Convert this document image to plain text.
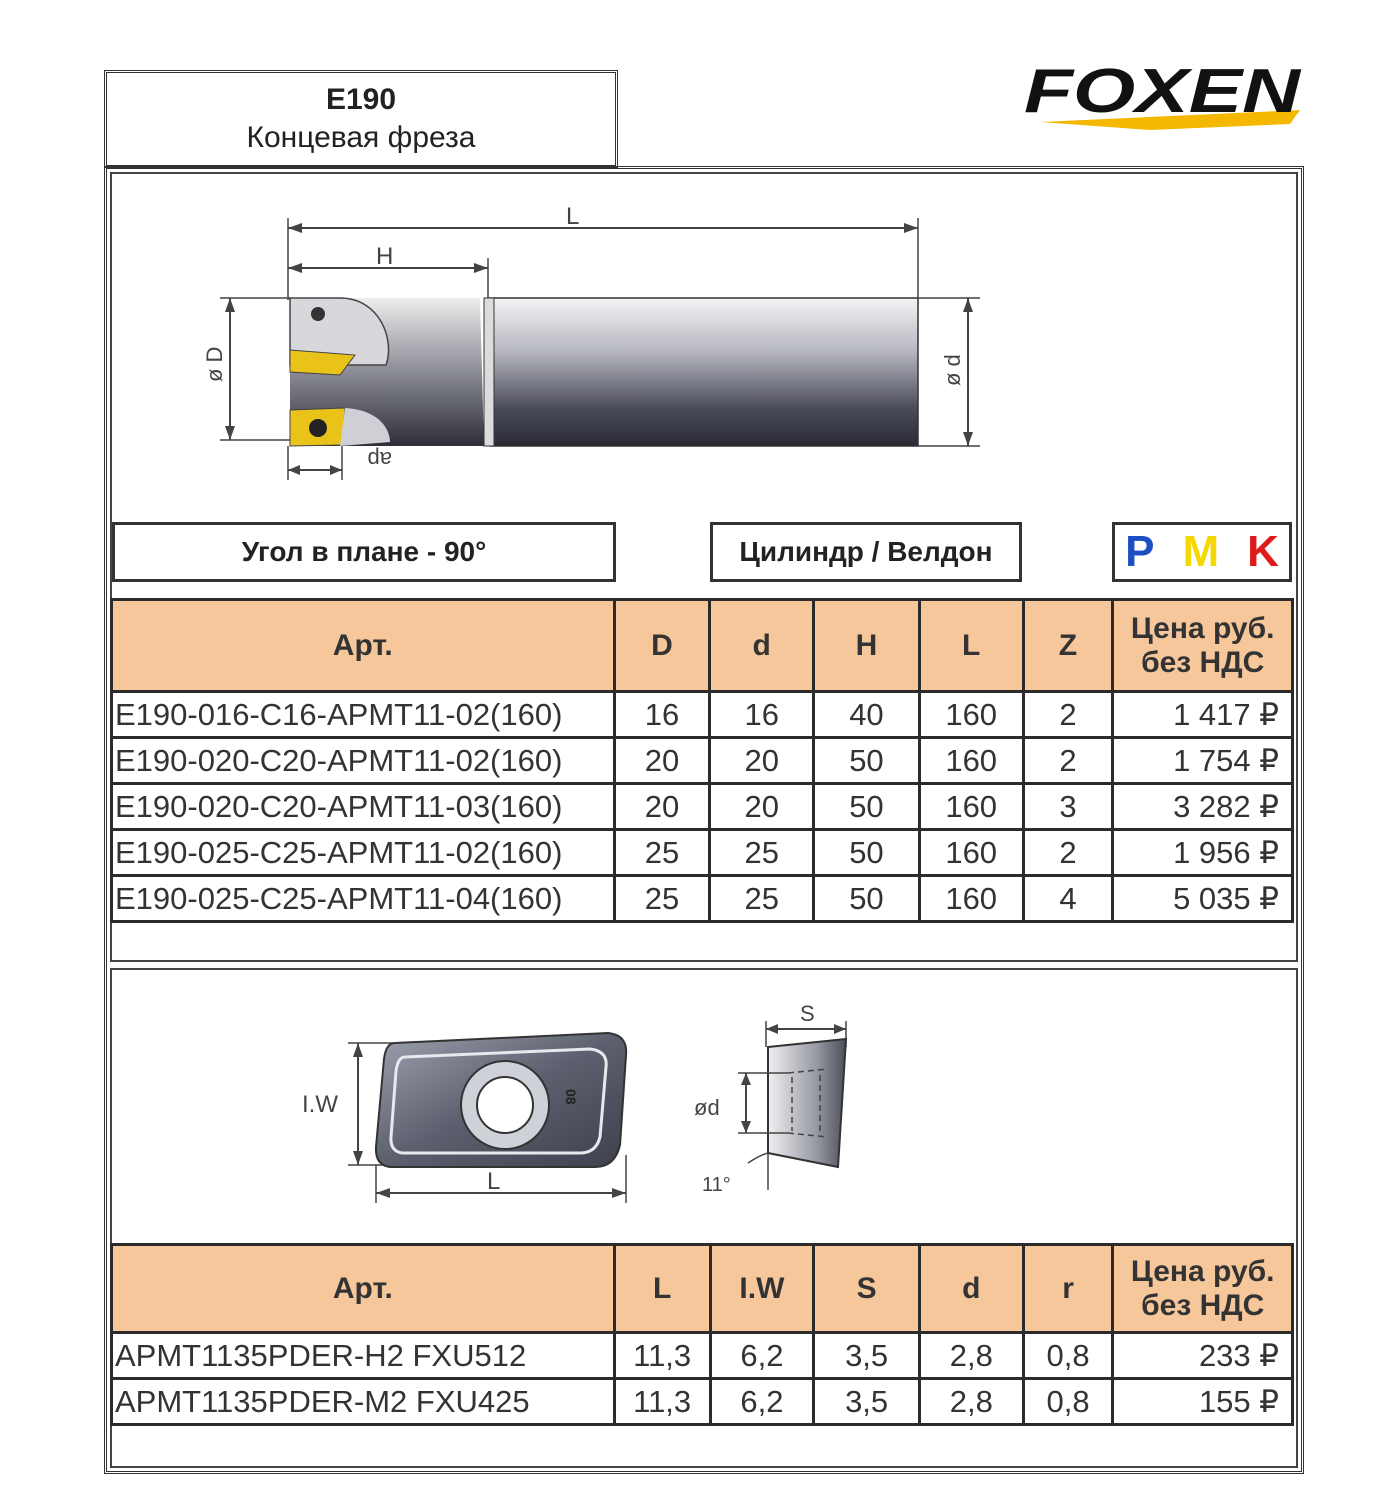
E190
Концевая фреза
FOXEN
L
H
ø D	ø d
ap
Угол в плане - 90°	Цилиндр / Велдон	P M K
Арт.	D	d	H	L	Z	Цена руб.
без НДС

E190-016-C16-APMT11-02(160)	16	16	40	160	2	1 417 ₽
E190-020-C20-APMT11-02(160)	20	20	50	160	2	1 754 ₽
E190-020-C20-APMT11-03(160)	20	20	50	160	3	3 282 ₽
E190-025-C25-APMT11-02(160)	25	25	50	160	2	1 956 ₽
E190-025-C25-APMT11-04(160)	25	25	50	160	4	5 035 ₽
I.W	08
L
S
ød
11°
Арт.	L	I.W	S	d	r	Цена руб.
без НДС

APMT1135PDER-H2 FXU512	11,3	6,2	3,5	2,8	0,8	233 ₽
APMT1135PDER-M2 FXU425	11,3	6,2	3,5	2,8	0,8	155 ₽
